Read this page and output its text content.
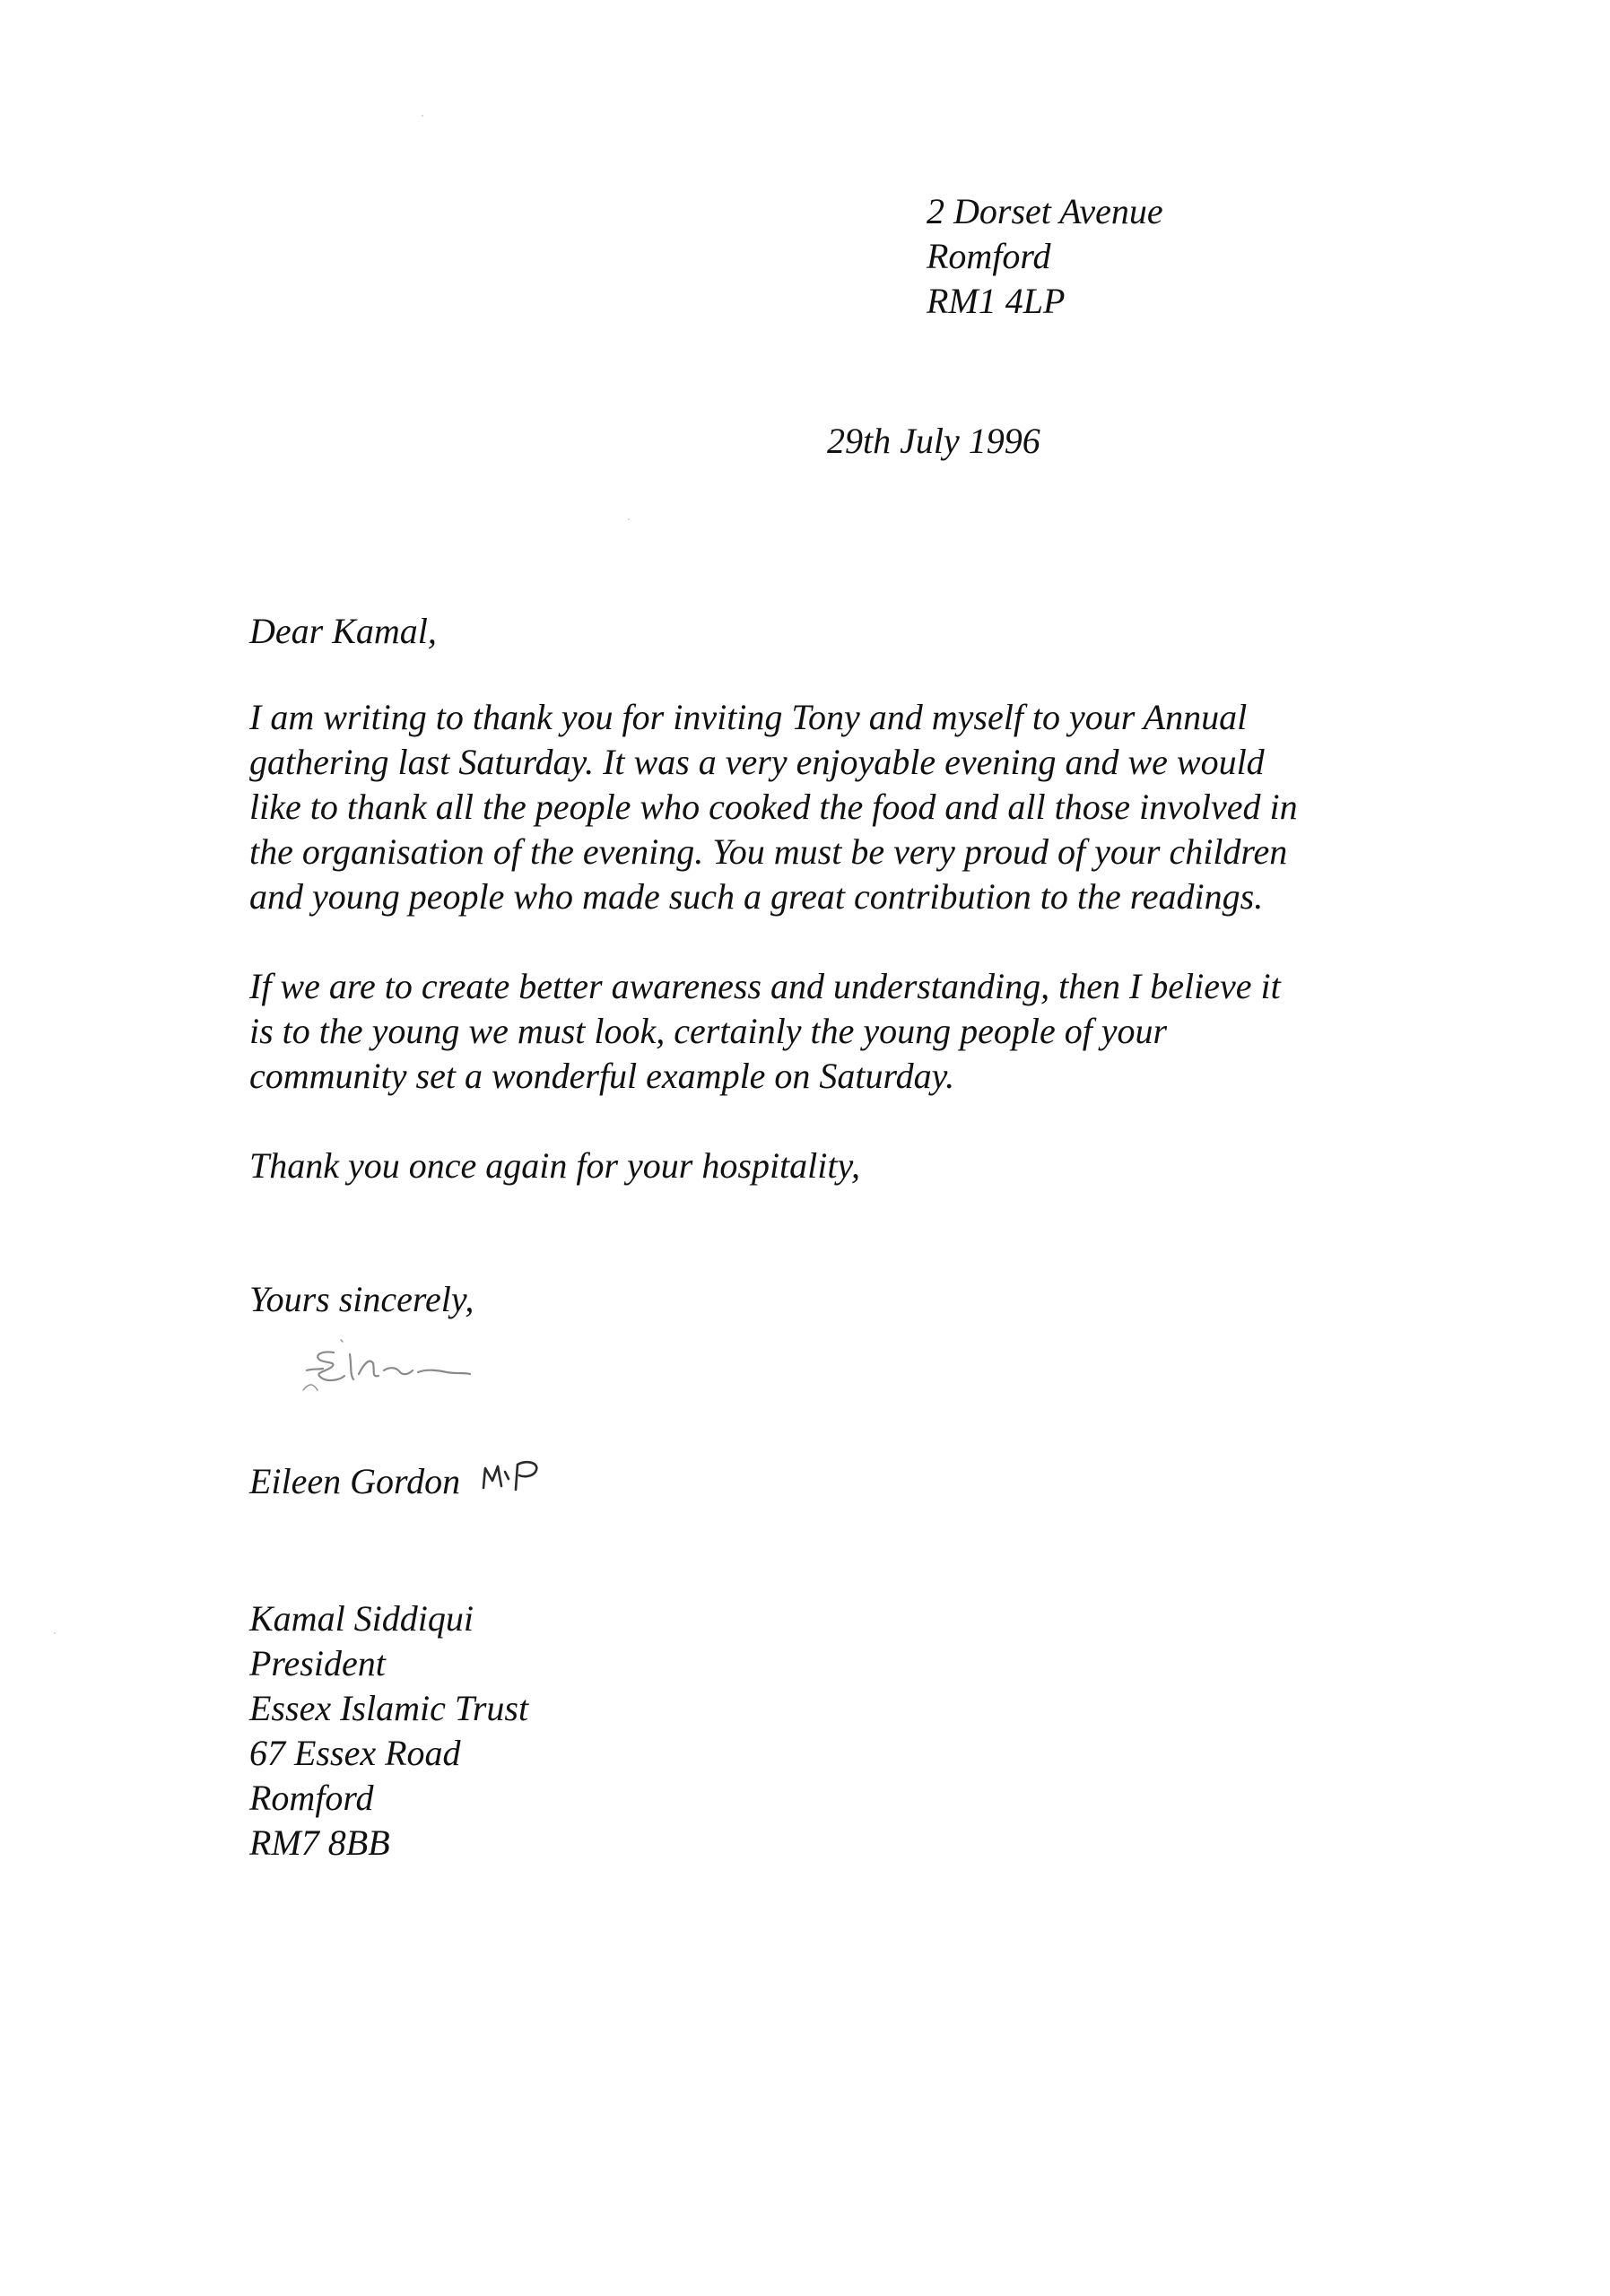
2 Dorset Avenue

Romford

RM1 4LP

29th July 1996

Dear Kamal,

I am writing to thank you for inviting Tony and myself to your Annual

gathering last Saturday. It was a very enjoyable evening and we would

like to thank all the people who cooked the food and all those involved in

the organisation of the evening. You must be very proud of your children

and young people who made such a great contribution to the readings.

If we are to create better awareness and understanding, then I believe it

is to the young we must look, certainly the young people of your

community set a wonderful example on Saturday.

Thank you once again for your hospitality,

Yours sincerely,

Eileen Gordon

Kamal Siddiqui

President

Essex Islamic Trust

67 Essex Road

Romford

RM7 8BB
